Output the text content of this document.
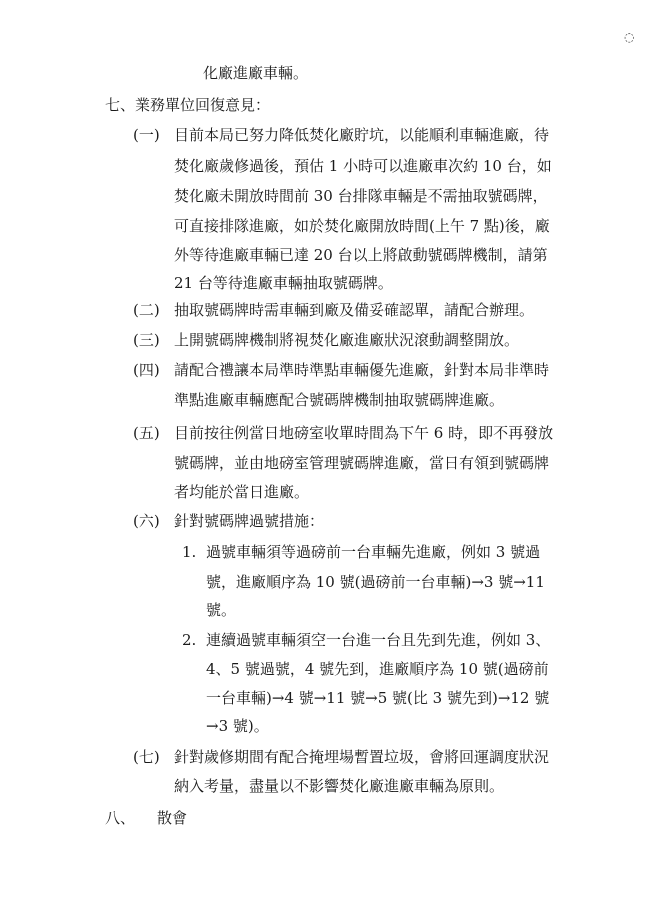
◌
化廠進廠車輛。
七、業務單位回復意見：
(一) 目前本局已努力降低焚化廠貯坑，以能順利車輛進廠，待
焚化廠歲修過後，預估 1 小時可以進廠車次約 10 台，如
焚化廠未開放時間前 30 台排隊車輛是不需抽取號碼牌，
可直接排隊進廠，如於焚化廠開放時間(上午 7 點)後，廠
外等待進廠車輛已達 20 台以上將啟動號碼牌機制，請第
21 台等待進廠車輛抽取號碼牌。
(二) 抽取號碼牌時需車輛到廠及備妥確認單，請配合辦理。
(三) 上開號碼牌機制將視焚化廠進廠狀況滾動調整開放。
(四) 請配合禮讓本局準時準點車輛優先進廠，針對本局非準時
準點進廠車輛應配合號碼牌機制抽取號碼牌進廠。
(五) 目前按往例當日地磅室收單時間為下午 6 時，即不再發放
號碼牌，並由地磅室管理號碼牌進廠，當日有領到號碼牌
者均能於當日進廠。
(六) 針對號碼牌過號措施：
1. 過號車輛須等過磅前一台車輛先進廠，例如 3 號過
號，進廠順序為 10 號(過磅前一台車輛)→3 號→11
號。
2. 連續過號車輛須空一台進一台且先到先進，例如 3、
4、5 號過號，4 號先到，進廠順序為 10 號(過磅前
一台車輛)→4 號→11 號→5 號(比 3 號先到)→12 號
→3 號)。
(七) 針對歲修期間有配合掩埋場暫置垃圾，會將回運調度狀況
納入考量，盡量以不影響焚化廠進廠車輛為原則。
八、 散會
